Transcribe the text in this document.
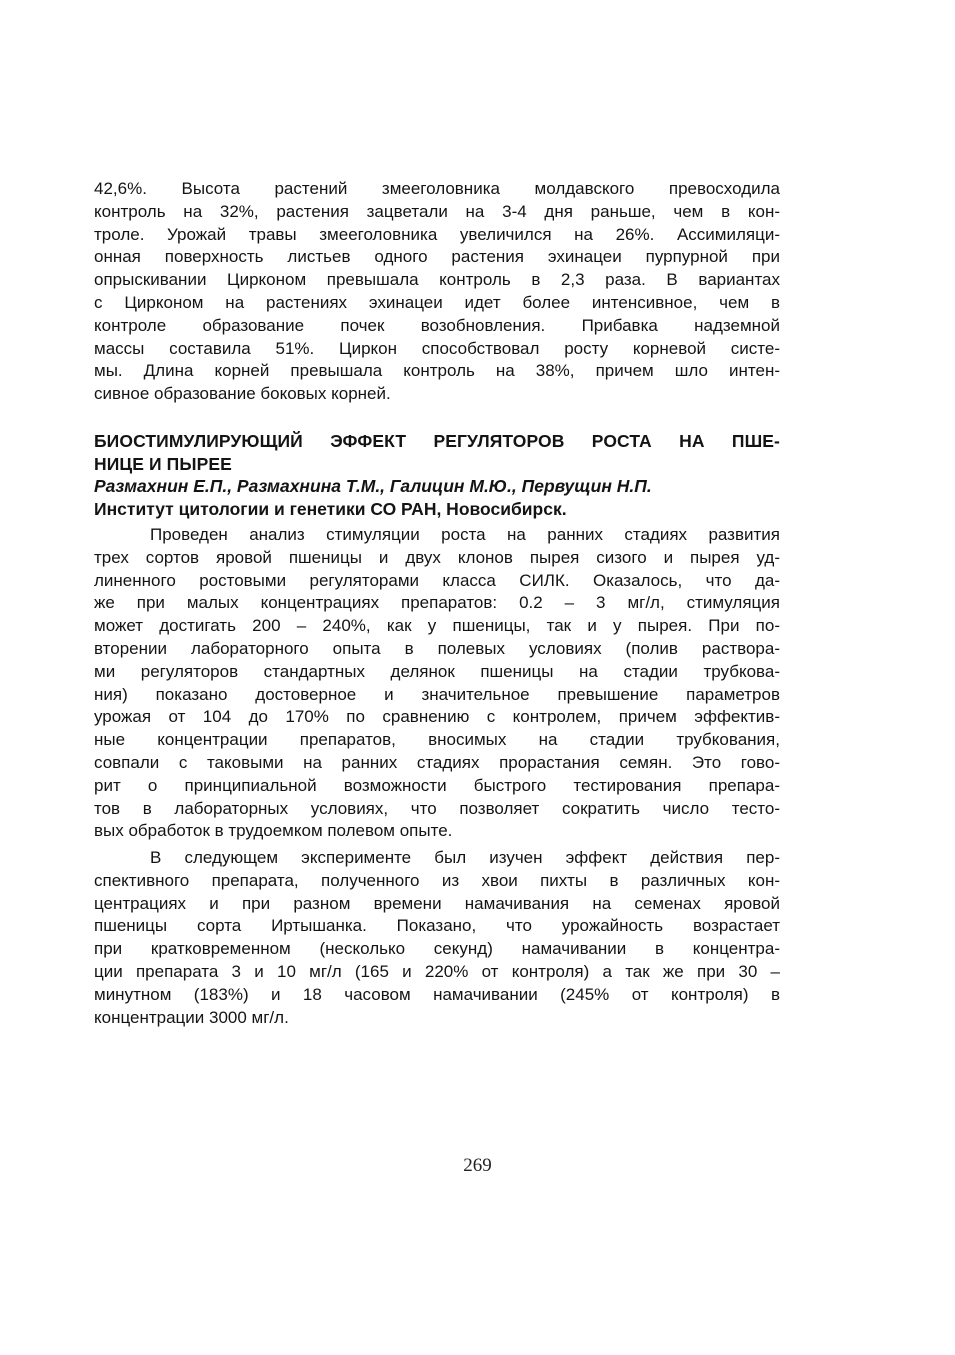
42,6%. Высота растений змееголовника молдавского превосходила
контроль на 32%, растения зацветали на 3-4 дня раньше, чем в кон-
троле. Урожай травы змееголовника увеличился на 26%. Ассимиляци-
онная поверхность листьев одного растения эхинацеи пурпурной при
опрыскивании Цирконом превышала контроль в 2,3 раза. В вариантах
с Цирконом на растениях эхинацеи идет более интенсивное, чем в
контроле образование почек возобновления. Прибавка надземной
массы составила 51%. Циркон способствовал росту корневой систе-
мы. Длина корней превышала контроль на 38%, причем шло интен-
сивное образование боковых корней.
БИОСТИМУЛИРУЮЩИЙ ЭФФЕКТ РЕГУЛЯТОРОВ РОСТА НА ПШЕ-
НИЦЕ И ПЫРЕЕ
Размахнин Е.П., Размахнина Т.М., Галицин М.Ю., Первущин Н.П.
Институт цитологии и генетики СО РАН, Новосибирск.
Проведен анализ стимуляции роста на ранних стадиях развития
трех сортов яровой пшеницы и двух клонов пырея сизого и пырея уд-
линенного ростовыми регуляторами класса СИЛК. Оказалось, что да-
же при малых концентрациях препаратов: 0.2 – 3 мг/л, стимуляция
может достигать 200 – 240%, как у пшеницы, так и у пырея. При по-
вторении лабораторного опыта в полевых условиях (полив раствора-
ми регуляторов стандартных делянок пшеницы на стадии трубкова-
ния) показано достоверное и значительное превышение параметров
урожая от 104 до 170% по сравнению с контролем, причем эффектив-
ные концентрации препаратов, вносимых на стадии трубкования,
совпали с таковыми на ранних стадиях прорастания семян. Это гово-
рит о принципиальной возможности быстрого тестирования препара-
тов в лабораторных условиях, что позволяет сократить число тесто-
вых обработок в трудоемком полевом опыте.
В следующем эксперименте был изучен эффект действия пер-
спективного препарата, полученного из хвои пихты в различных кон-
центрациях и при разном времени намачивания на семенах яровой
пшеницы сорта Иртышанка. Показано, что урожайность возрастает
при кратковременном (несколько секунд) намачивании в концентра-
ции препарата 3 и 10 мг/л (165 и 220% от контроля) а так же при 30 –
минутном (183%) и 18 часовом намачивании (245% от контроля) в
концентрации 3000 мг/л.
269
